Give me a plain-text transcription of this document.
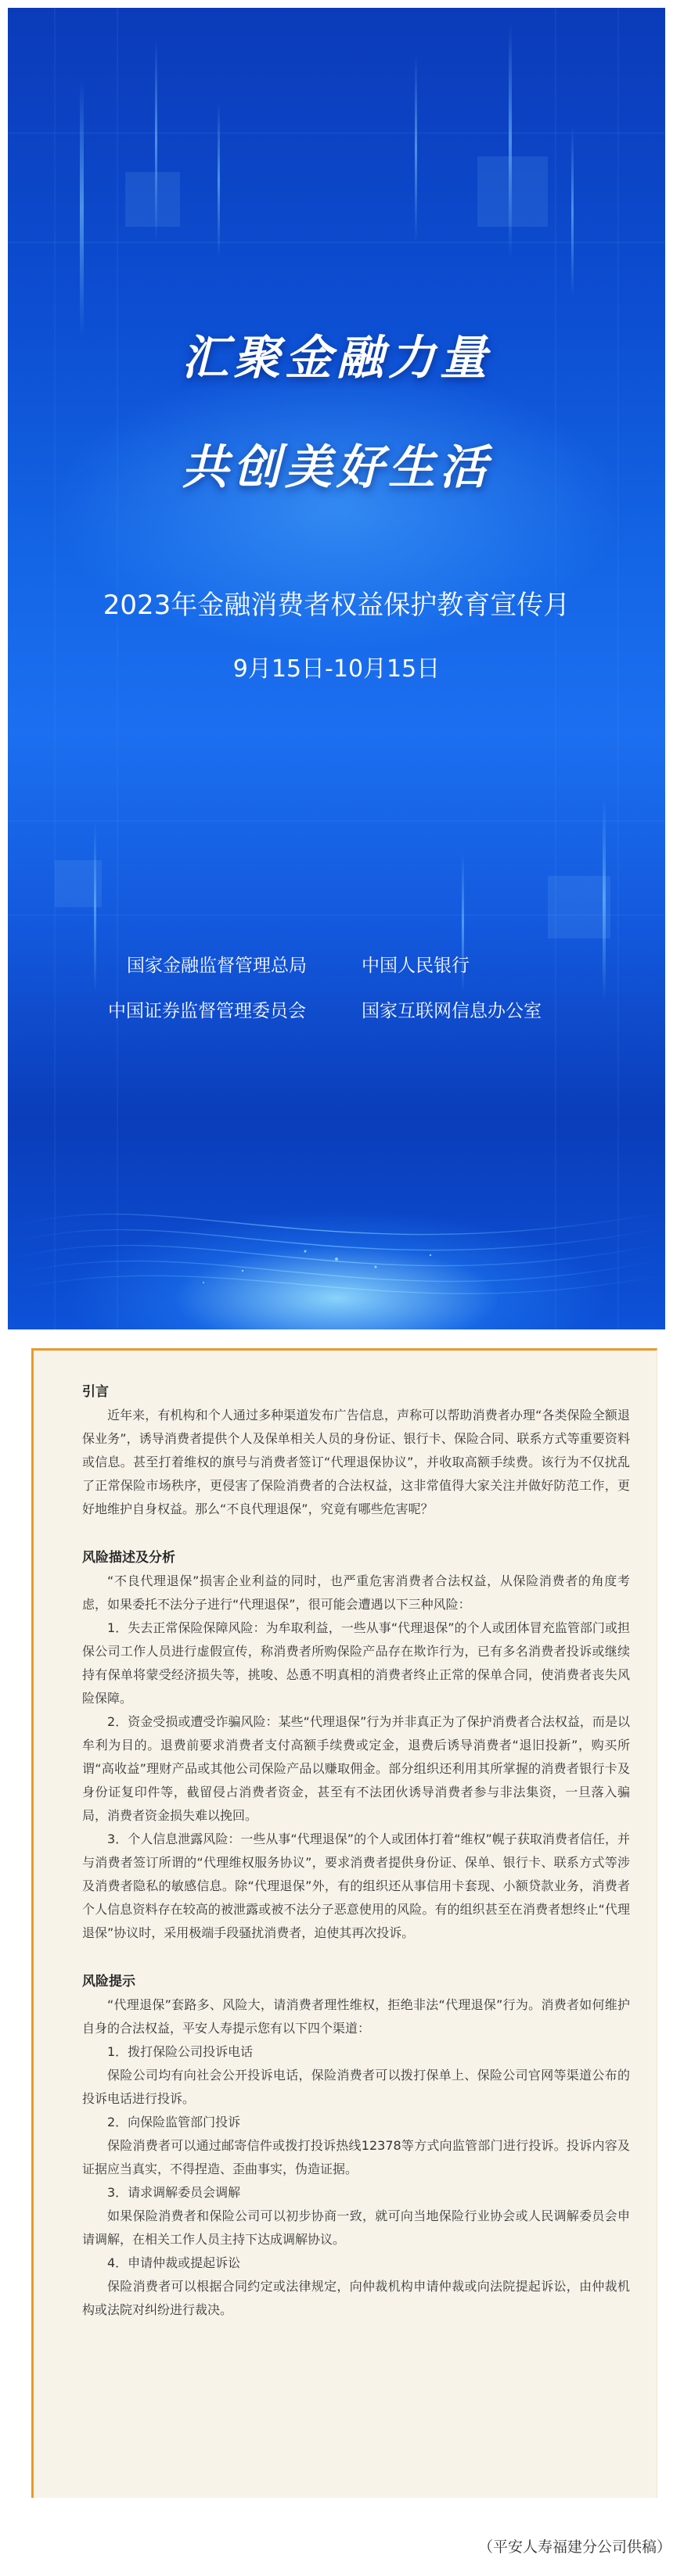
汇聚金融力量
共创美好生活
2023年金融消费者权益保护教育宣传月
9月15日-10月15日
国家金融监督管理总局	中国人民银行
中国证券监督管理委员会	国家互联网信息办公室

引言

近年来，有机构和个人通过多种渠道发布广告信息，声称可以帮助消费者办理“各类保险全额退保业务”，诱导消费者提供个人及保单相关人员的身份证、银行卡、保险合同、联系方式等重要资料或信息。甚至打着维权的旗号与消费者签订“代理退保协议”，并收取高额手续费。该行为不仅扰乱了正常保险市场秩序，更侵害了保险消费者的合法权益，这非常值得大家关注并做好防范工作，更好地维护自身权益。那么“不良代理退保”，究竟有哪些危害呢？

风险描述及分析

“不良代理退保”损害企业利益的同时，也严重危害消费者合法权益，从保险消费者的角度考虑，如果委托不法分子进行“代理退保”，很可能会遭遇以下三种风险：

1．失去正常保险保障风险：为牟取利益，一些从事“代理退保”的个人或团体冒充监管部门或担保公司工作人员进行虚假宣传，称消费者所购保险产品存在欺诈行为，已有多名消费者投诉或继续持有保单将蒙受经济损失等，挑唆、怂恿不明真相的消费者终止正常的保单合同，使消费者丧失风险保障。

2．资金受损或遭受诈骗风险：某些“代理退保”行为并非真正为了保护消费者合法权益，而是以牟利为目的。退费前要求消费者支付高额手续费或定金，退费后诱导消费者“退旧投新”，购买所谓“高收益”理财产品或其他公司保险产品以赚取佣金。部分组织还利用其所掌握的消费者银行卡及身份证复印件等，截留侵占消费者资金，甚至有不法团伙诱导消费者参与非法集资，一旦落入骗局，消费者资金损失难以挽回。

3．个人信息泄露风险：一些从事“代理退保”的个人或团体打着“维权”幌子获取消费者信任，并与消费者签订所谓的“代理维权服务协议”，要求消费者提供身份证、保单、银行卡、联系方式等涉及消费者隐私的敏感信息。除“代理退保”外，有的组织还从事信用卡套现、小额贷款业务，消费者个人信息资料存在较高的被泄露或被不法分子恶意使用的风险。有的组织甚至在消费者想终止“代理退保”协议时，采用极端手段骚扰消费者，迫使其再次投诉。

风险提示

“代理退保”套路多、风险大，请消费者理性维权，拒绝非法“代理退保”行为。消费者如何维护自身的合法权益，平安人寿提示您有以下四个渠道：

1．拨打保险公司投诉电话

保险公司均有向社会公开投诉电话，保险消费者可以拨打保单上、保险公司官网等渠道公布的投诉电话进行投诉。

2．向保险监管部门投诉

保险消费者可以通过邮寄信件或拨打投诉热线12378等方式向监管部门进行投诉。投诉内容及证据应当真实，不得捏造、歪曲事实，伪造证据。

3．请求调解委员会调解

如果保险消费者和保险公司可以初步协商一致，就可向当地保险行业协会或人民调解委员会申请调解，在相关工作人员主持下达成调解协议。

4．申请仲裁或提起诉讼

保险消费者可以根据合同约定或法律规定，向仲裁机构申请仲裁或向法院提起诉讼，由仲裁机构或法院对纠纷进行裁决。

（平安人寿福建分公司供稿）
